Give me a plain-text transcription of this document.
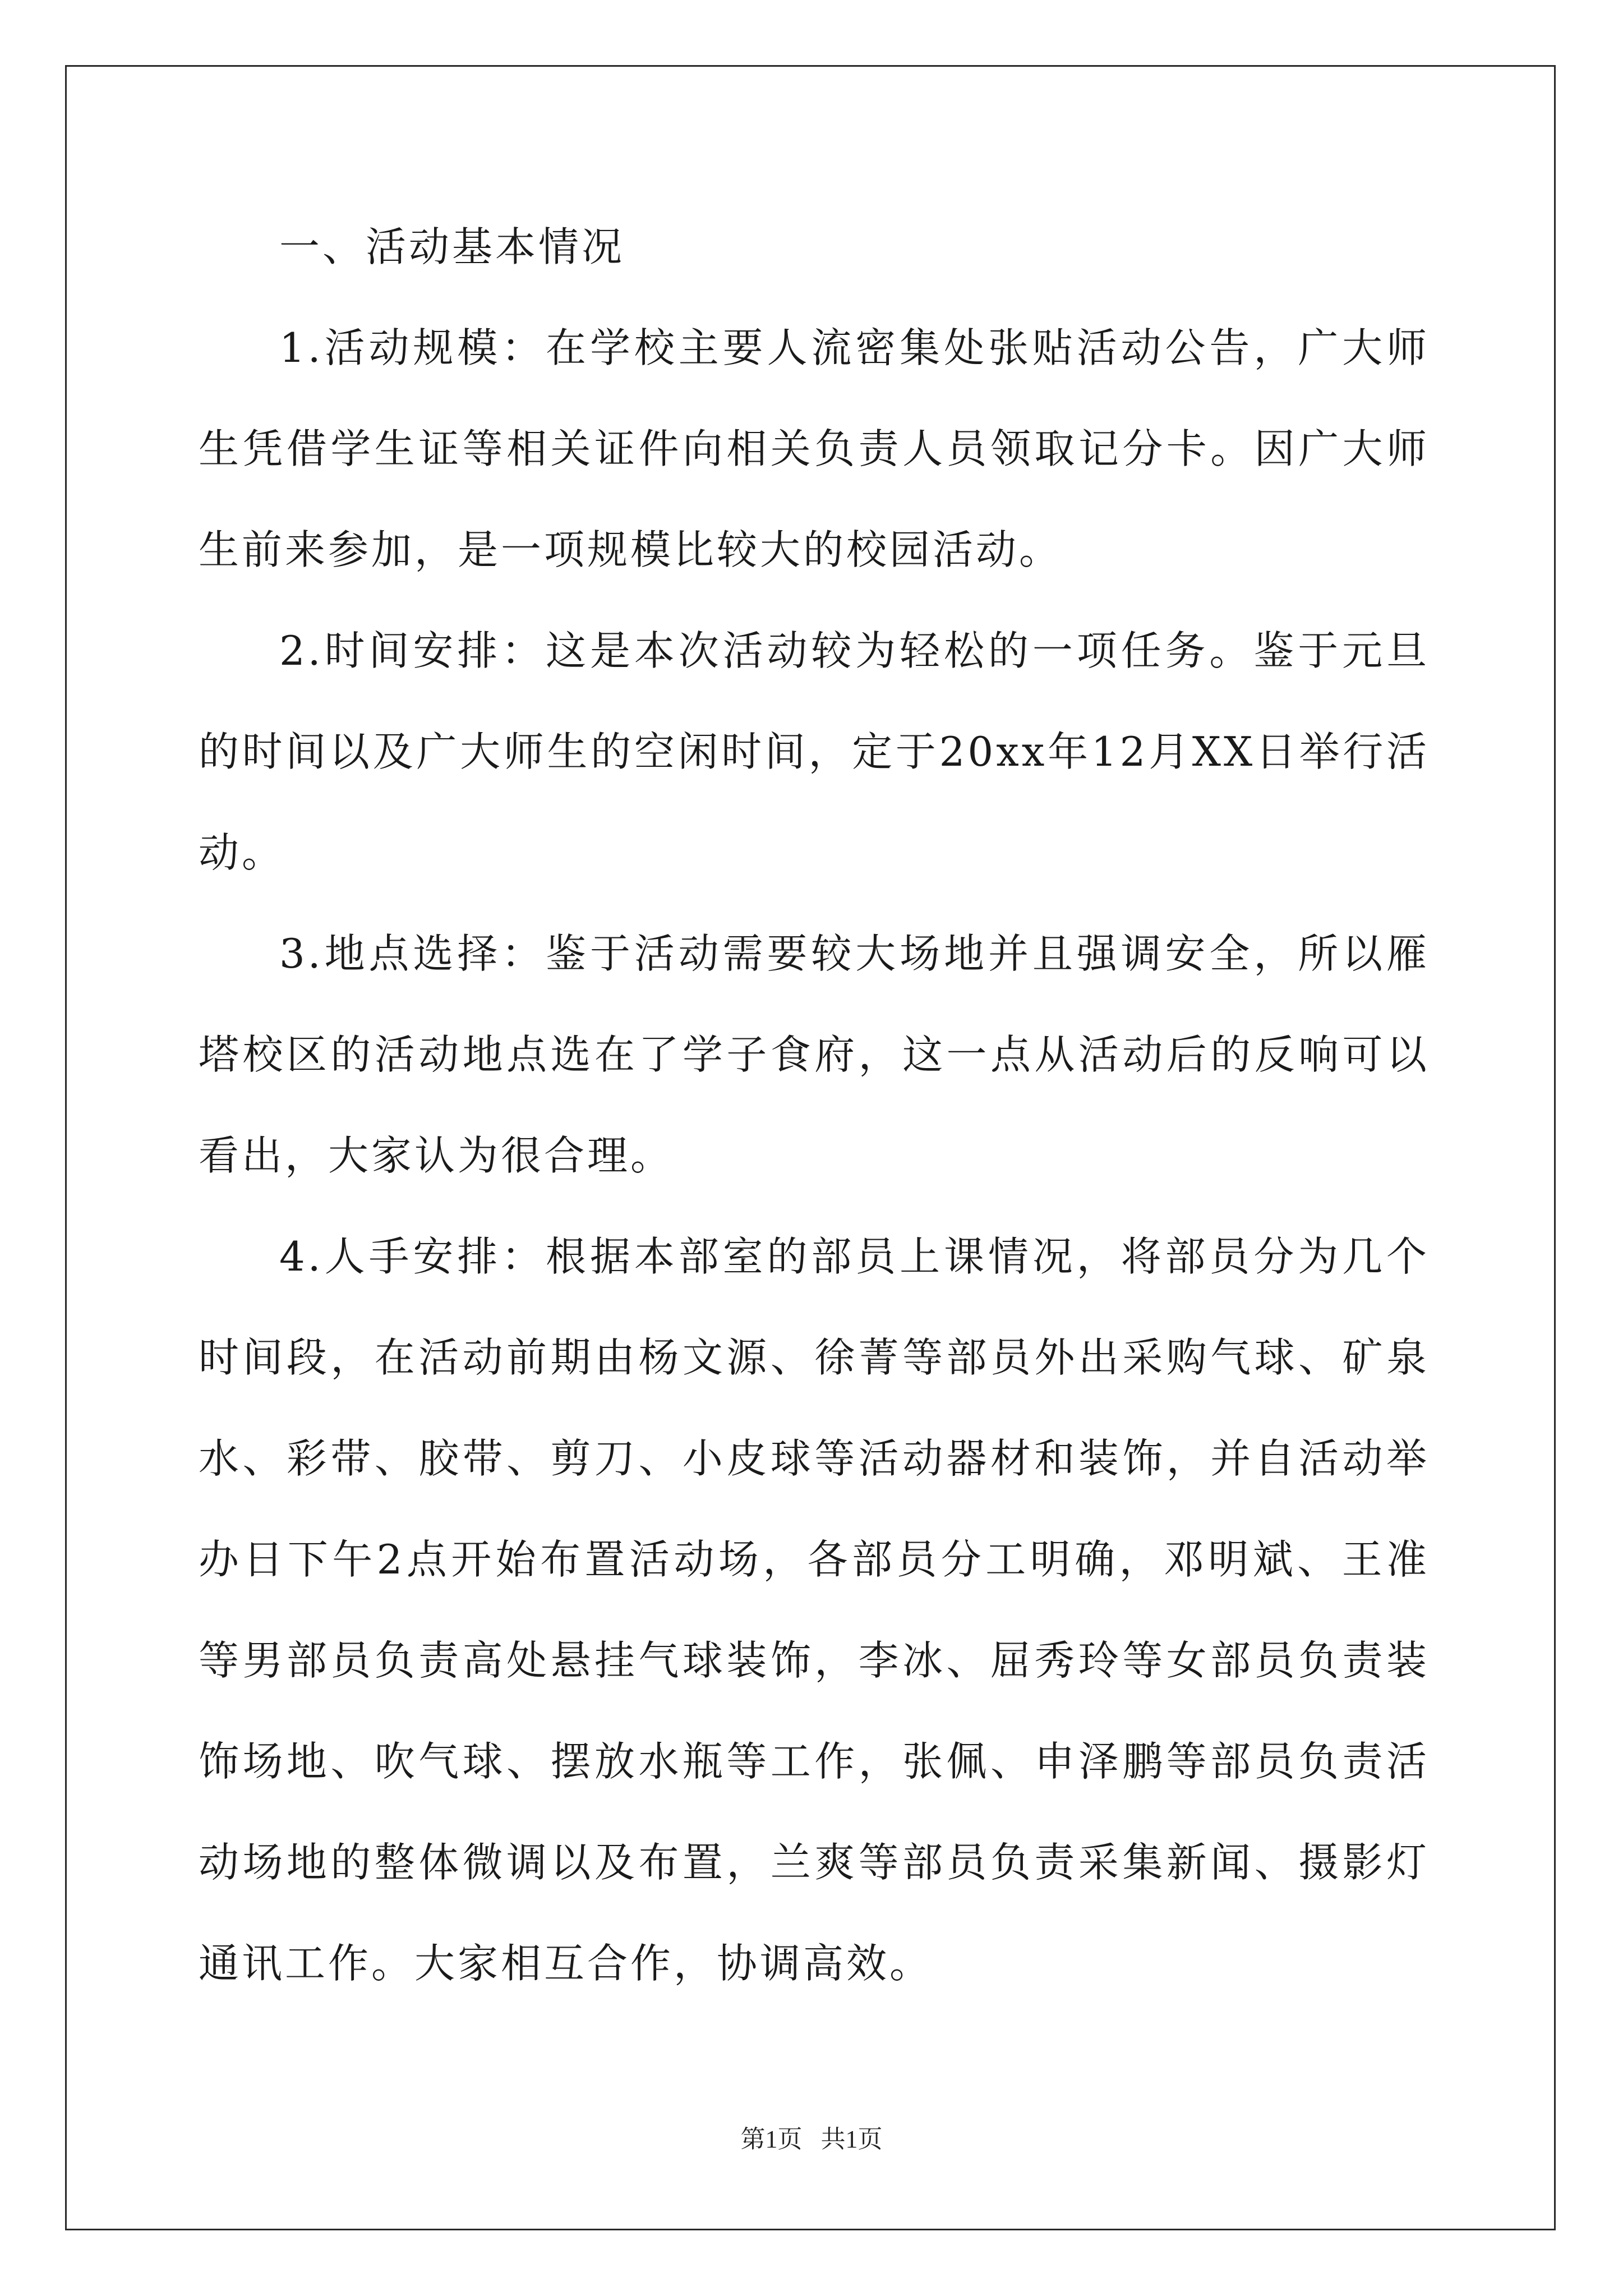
一、活动基本情况

1.活动规模：在学校主要人流密集处张贴活动公告，广大师生凭借学生证等相关证件向相关负责人员领取记分卡。因广大师生前来参加，是一项规模比较大的校园活动。

2.时间安排：这是本次活动较为轻松的一项任务。鉴于元旦的时间以及广大师生的空闲时间，定于20xx年12月XX日举行活动。

3.地点选择：鉴于活动需要较大场地并且强调安全，所以雁塔校区的活动地点选在了学子食府，这一点从活动后的反响可以看出，大家认为很合理。

4.人手安排：根据本部室的部员上课情况，将部员分为几个时间段，在活动前期由杨文源、徐菁等部员外出采购气球、矿泉水、彩带、胶带、剪刀、小皮球等活动器材和装饰，并自活动举办日下午2点开始布置活动场，各部员分工明确，邓明斌、王准等男部员负责高处悬挂气球装饰，李冰、屈秀玲等女部员负责装饰场地、吹气球、摆放水瓶等工作，张佩、申泽鹏等部员负责活动场地的整体微调以及布置，兰爽等部员负责采集新闻、摄影灯通讯工作。大家相互合作，协调高效。

第1页 共1页
